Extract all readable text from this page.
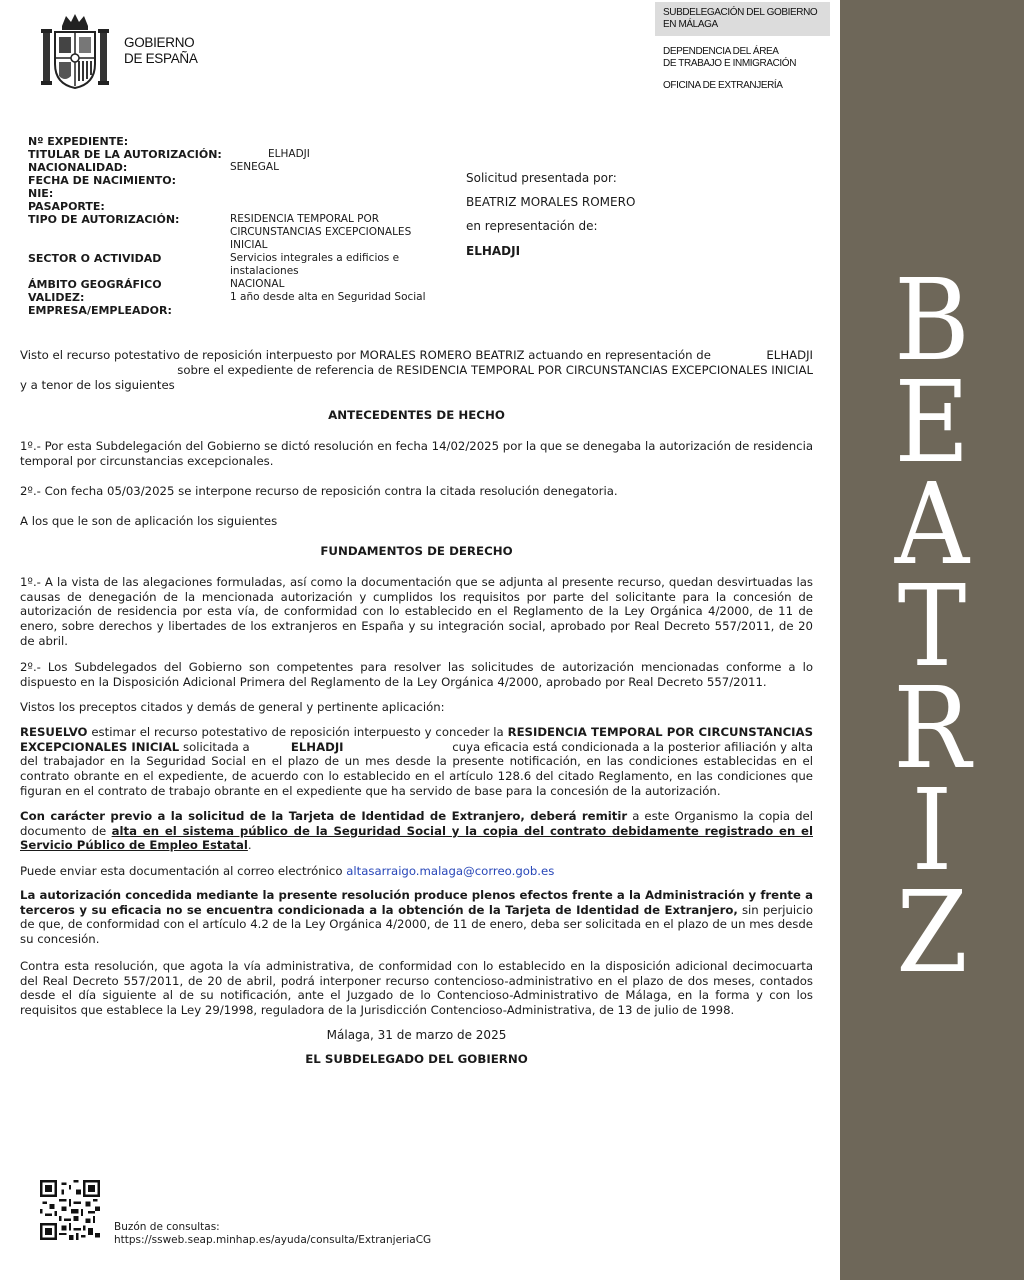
GOBIERNO
DE ESPAÑA
SUBDELEGACIÓN DEL GOBIERNO
EN MÁLAGA
DEPENDENCIA DEL ÁREA
DE TRABAJO E INMIGRACIÓN
OFICINA DE EXTRANJERÍA
Nº EXPEDIENTE:
TITULAR DE LA AUTORIZACIÓN:	ELHADJI
NACIONALIDAD:	SENEGAL
FECHA DE NACIMIENTO:
NIE:
PASAPORTE:
TIPO DE AUTORIZACIÓN:	RESIDENCIA TEMPORAL POR CIRCUNSTANCIAS EXCEPCIONALES INICIAL
SECTOR O ACTIVIDAD	Servicios integrales a edificios e instalaciones
ÁMBITO GEOGRÁFICO	NACIONAL
VALIDEZ:	1 año desde alta en Seguridad Social
EMPRESA/EMPLEADOR:
Solicitud presentada por:
BEATRIZ MORALES ROMERO
en representación de:
ELHADJI
Visto el recurso potestativo de reposición interpuesto por MORALES ROMERO BEATRIZ actuando en representación de	ELHADJI
sobre el expediente de referencia de RESIDENCIA TEMPORAL POR CIRCUNSTANCIAS EXCEPCIONALES INICIAL
y a tenor de los siguientes
ANTECEDENTES DE HECHO
1º.- Por esta Subdelegación del Gobierno se dictó resolución en fecha 14/02/2025 por la que se denegaba la autorización de residencia temporal por circunstancias excepcionales.
2º.- Con fecha 05/03/2025 se interpone recurso de reposición contra la citada resolución denegatoria.
A los que le son de aplicación los siguientes
FUNDAMENTOS DE DERECHO
1º.- A la vista de las alegaciones formuladas, así como la documentación que se adjunta al presente recurso, quedan desvirtuadas las causas de denegación de la mencionada autorización y cumplidos los requisitos por parte del solicitante para la concesión de autorización de residencia por esta vía, de conformidad con lo establecido en el Reglamento de la Ley Orgánica 4/2000, de 11 de enero, sobre derechos y libertades de los extranjeros en España y su integración social, aprobado por Real Decreto 557/2011, de 20 de abril.
2º.- Los Subdelegados del Gobierno son competentes para resolver las solicitudes de autorización mencionadas conforme a lo dispuesto en la Disposición Adicional Primera del Reglamento de la Ley Orgánica 4/2000, aprobado por Real Decreto 557/2011.
Vistos los preceptos citados y demás de general y pertinente aplicación:
RESUELVO estimar el recurso potestativo de reposición interpuesto y conceder la RESIDENCIA TEMPORAL POR CIRCUNSTANCIAS EXCEPCIONALES INICIAL solicitada a	ELHADJI	cuya eficacia está condicionada a la posterior afiliación y alta del trabajador en la Seguridad Social en el plazo de un mes desde la presente notificación, en las condiciones establecidas en el contrato obrante en el expediente, de acuerdo con lo establecido en el artículo 128.6 del citado Reglamento, en las condiciones que figuran en el contrato de trabajo obrante en el expediente que ha servido de base para la concesión de la autorización.
Con carácter previo a la solicitud de la Tarjeta de Identidad de Extranjero, deberá remitir a este Organismo la copia del documento de alta en el sistema público de la Seguridad Social y la copia del contrato debidamente registrado en el Servicio Público de Empleo Estatal.
Puede enviar esta documentación al correo electrónico altasarraigo.malaga@correo.gob.es
La autorización concedida mediante la presente resolución produce plenos efectos frente a la Administración y frente a terceros y su eficacia no se encuentra condicionada a la obtención de la Tarjeta de Identidad de Extranjero, sin perjuicio de que, de conformidad con el artículo 4.2 de la Ley Orgánica 4/2000, de 11 de enero, deba ser solicitada en el plazo de un mes desde su concesión.
Contra esta resolución, que agota la vía administrativa, de conformidad con lo establecido en la disposición adicional decimocuarta del Real Decreto 557/2011, de 20 de abril, podrá interponer recurso contencioso-administrativo en el plazo de dos meses, contados desde el día siguiente al de su notificación, ante el Juzgado de lo Contencioso-Administrativo de Málaga, en la forma y con los requisitos que establece la Ley 29/1998, reguladora de la Jurisdicción Contencioso-Administrativa, de 13 de julio de 1998.
Málaga, 31 de marzo de 2025
EL SUBDELEGADO DEL GOBIERNO
Buzón de consultas:
https://ssweb.seap.minhap.es/ayuda/consulta/ExtranjeriaCG
B
E
A
T
R
I
Z
